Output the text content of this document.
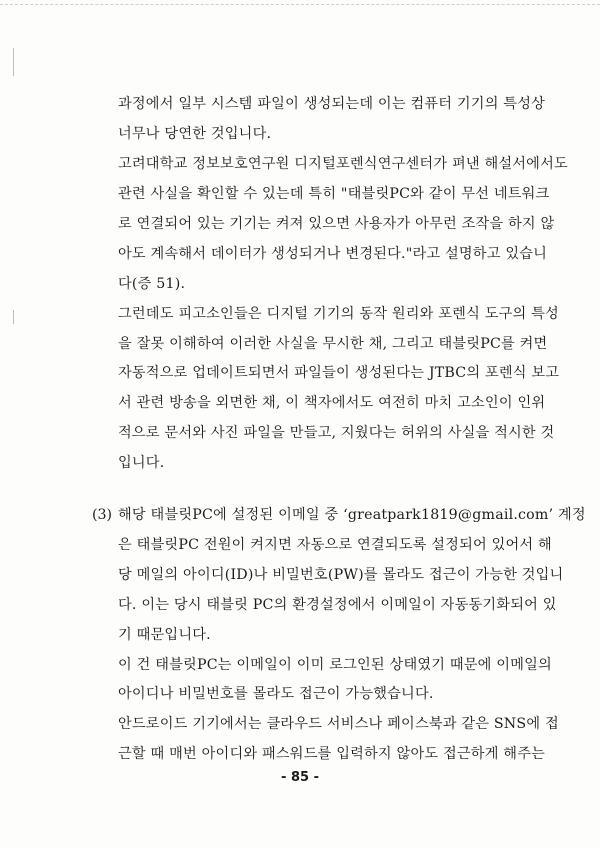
과정에서 일부 시스템 파일이 생성되는데 이는 컴퓨터 기기의 특성상
너무나 당연한 것입니다.
고려대학교 정보보호연구원 디지털포렌식연구센터가 펴낸 해설서에서도
관련 사실을 확인할 수 있는데 특히 "태블릿PC와 같이 무선 네트워크
로 연결되어 있는 기기는 켜져 있으면 사용자가 아무런 조작을 하지 않
아도 계속해서 데이터가 생성되거나 변경된다."라고 설명하고 있습니
다(증 51).
그런데도 피고소인들은 디지털 기기의 동작 원리와 포렌식 도구의 특성
을 잘못 이해하여 이러한 사실을 무시한 채, 그리고 태블릿PC를 켜면
자동적으로 업데이트되면서 파일들이 생성된다는 JTBC의 포렌식 보고
서 관련 방송을 외면한 채, 이 책자에서도 여전히 마치 고소인이 인위
적으로 문서와 사진 파일을 만들고, 지웠다는 허위의 사실을 적시한 것
입니다.
(3) 해당 태블릿PC에 설정된 이메일 중 ‘greatpark1819@gmail.com’ 계정
은 태블릿PC 전원이 켜지면 자동으로 연결되도록 설정되어 있어서 해
당 메일의 아이디(ID)나 비밀번호(PW)를 몰라도 접근이 가능한 것입니
다. 이는 당시 태블릿 PC의 환경설정에서 이메일이 자동동기화되어 있
기 때문입니다.
이 건 태블릿PC는 이메일이 이미 로그인된 상태였기 때문에 이메일의
아이디나 비밀번호를 몰라도 접근이 가능했습니다.
안드로이드 기기에서는 클라우드 서비스나 페이스북과 같은 SNS에 접
근할 때 매번 아이디와 패스워드를 입력하지 않아도 접근하게 해주는
- 85 -
